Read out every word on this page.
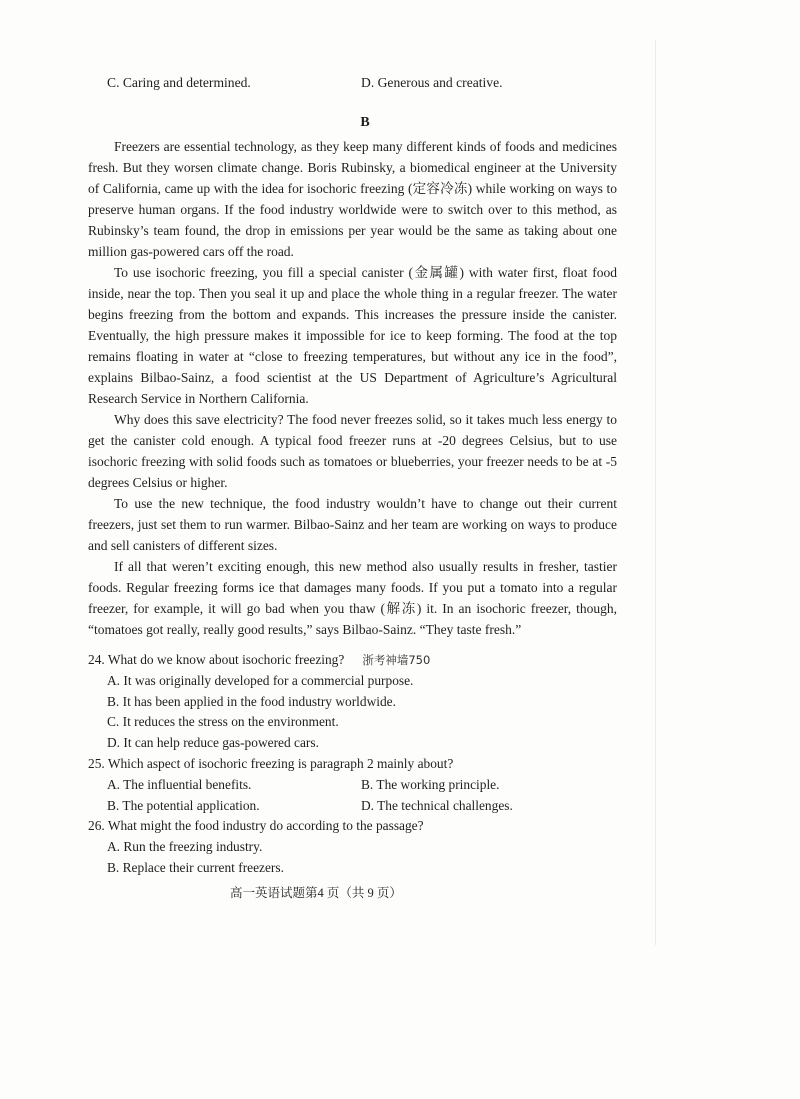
C. Caring and determined.	D. Generous and creative.
B

Freezers are essential technology, as they keep many different kinds of foods and medicines fresh. But they worsen climate change. Boris Rubinsky, a biomedical engineer at the University of California, came up with the idea for isochoric freezing (定容冷冻) while working on ways to preserve human organs. If the food industry worldwide were to switch over to this method, as Rubinsky’s team found, the drop in emissions per year would be the same as taking about one million gas-powered cars off the road.

To use isochoric freezing, you fill a special canister (金属罐) with water first, float food inside, near the top. Then you seal it up and place the whole thing in a regular freezer. The water begins freezing from the bottom and expands. This increases the pressure inside the canister. Eventually, the high pressure makes it impossible for ice to keep forming. The food at the top remains floating in water at “close to freezing temperatures, but without any ice in the food”, explains Bilbao-Sainz, a food scientist at the US Department of Agriculture’s Agricultural Research Service in Northern California.

Why does this save electricity? The food never freezes solid, so it takes much less energy to get the canister cold enough. A typical food freezer runs at -20 degrees Celsius, but to use isochoric freezing with solid foods such as tomatoes or blueberries, your freezer needs to be at -5 degrees Celsius or higher.

To use the new technique, the food industry wouldn’t have to change out their current freezers, just set them to run warmer. Bilbao-Sainz and her team are working on ways to produce and sell canisters of different sizes.

If all that weren’t exciting enough, this new method also usually results in fresher, tastier foods. Regular freezing forms ice that damages many foods. If you put a tomato into a regular freezer, for example, it will go bad when you thaw (解冻) it. In an isochoric freezer, though, “tomatoes got really, really good results,” says Bilbao-Sainz. “They taste fresh.”

24. What do we know about isochoric freezing? 浙考神墙750
A. It was originally developed for a commercial purpose.
B. It has been applied in the food industry worldwide.
C. It reduces the stress on the environment.
D. It can help reduce gas-powered cars.
25. Which aspect of isochoric freezing is paragraph 2 mainly about?
A. The influential benefits.	B. The working principle.
B. The potential application.	D. The technical challenges.
26. What might the food industry do according to the passage?
A. Run the freezing industry.
B. Replace their current freezers.
高一英语试题第4 页（共 9 页）
